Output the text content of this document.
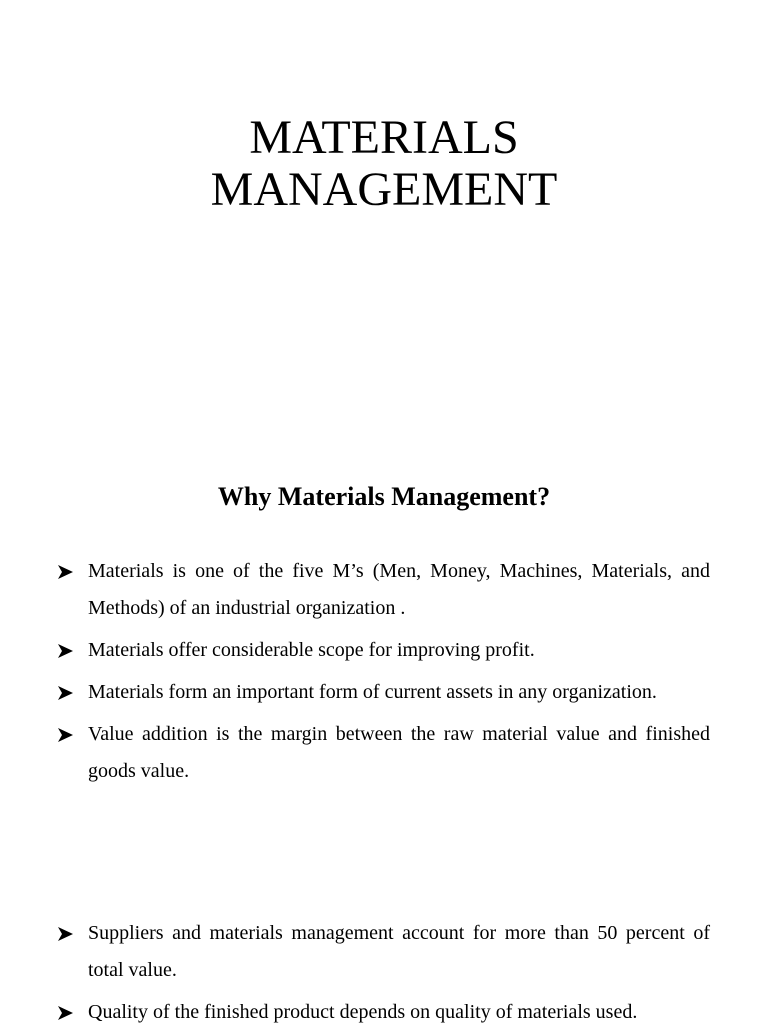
MATERIALS
MANAGEMENT
Why Materials Management?
Materials is one of the five M’s (Men, Money, Machines, Materials, and Methods) of an industrial organization .
Materials offer considerable scope for improving profit.
Materials form an important form of current assets in any organization.
Value addition is the margin between the raw material value and finished goods value.
Suppliers and materials management account for more than 50 percent of total value.
Quality of the finished product depends on quality of materials used.
